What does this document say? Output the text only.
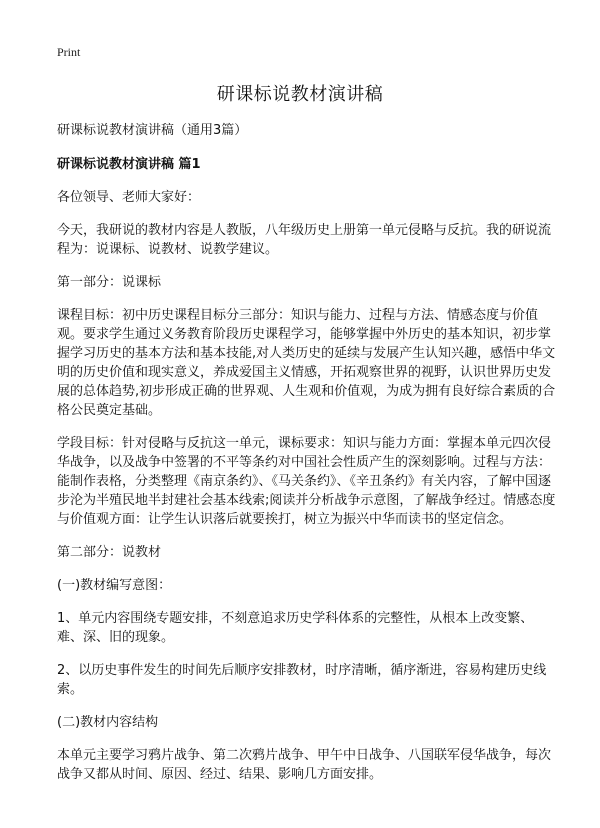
Print
研课标说教材演讲稿

研课标说教材演讲稿（通用3篇）

研课标说教材演讲稿 篇1

各位领导、老师大家好：

今天，我研说的教材内容是人教版，八年级历史上册第一单元侵略与反抗。我的研说流程为：说课标、说教材、说教学建议。

第一部分：说课标

课程目标：初中历史课程目标分三部分：知识与能力、过程与方法、情感态度与价值观。要求学生通过义务教育阶段历史课程学习，能够掌握中外历史的基本知识，初步掌握学习历史的基本方法和基本技能,对人类历史的延续与发展产生认知兴趣，感悟中华文明的历史价值和现实意义，养成爱国主义情感，开拓观察世界的视野，认识世界历史发展的总体趋势,初步形成正确的世界观、人生观和价值观，为成为拥有良好综合素质的合格公民奠定基础。

学段目标：针对侵略与反抗这一单元，课标要求：知识与能力方面：掌握本单元四次侵华战争，以及战争中签署的不平等条约对中国社会性质产生的深刻影响。过程与方法：能制作表格，分类整理《南京条约》、《马关条约》、《辛丑条约》有关内容，了解中国逐步沦为半殖民地半封建社会基本线索;阅读并分析战争示意图，了解战争经过。情感态度与价值观方面：让学生认识落后就要挨打，树立为振兴中华而读书的坚定信念。

第二部分：说教材

(一)教材编写意图：

1、单元内容围绕专题安排，不刻意追求历史学科体系的完整性，从根本上改变繁、难、深、旧的现象。

2、以历史事件发生的时间先后顺序安排教材，时序清晰，循序渐进，容易构建历史线索。

(二)教材内容结构

本单元主要学习鸦片战争、第二次鸦片战争、甲午中日战争、八国联军侵华战争，每次战争又都从时间、原因、经过、结果、影响几方面安排。
